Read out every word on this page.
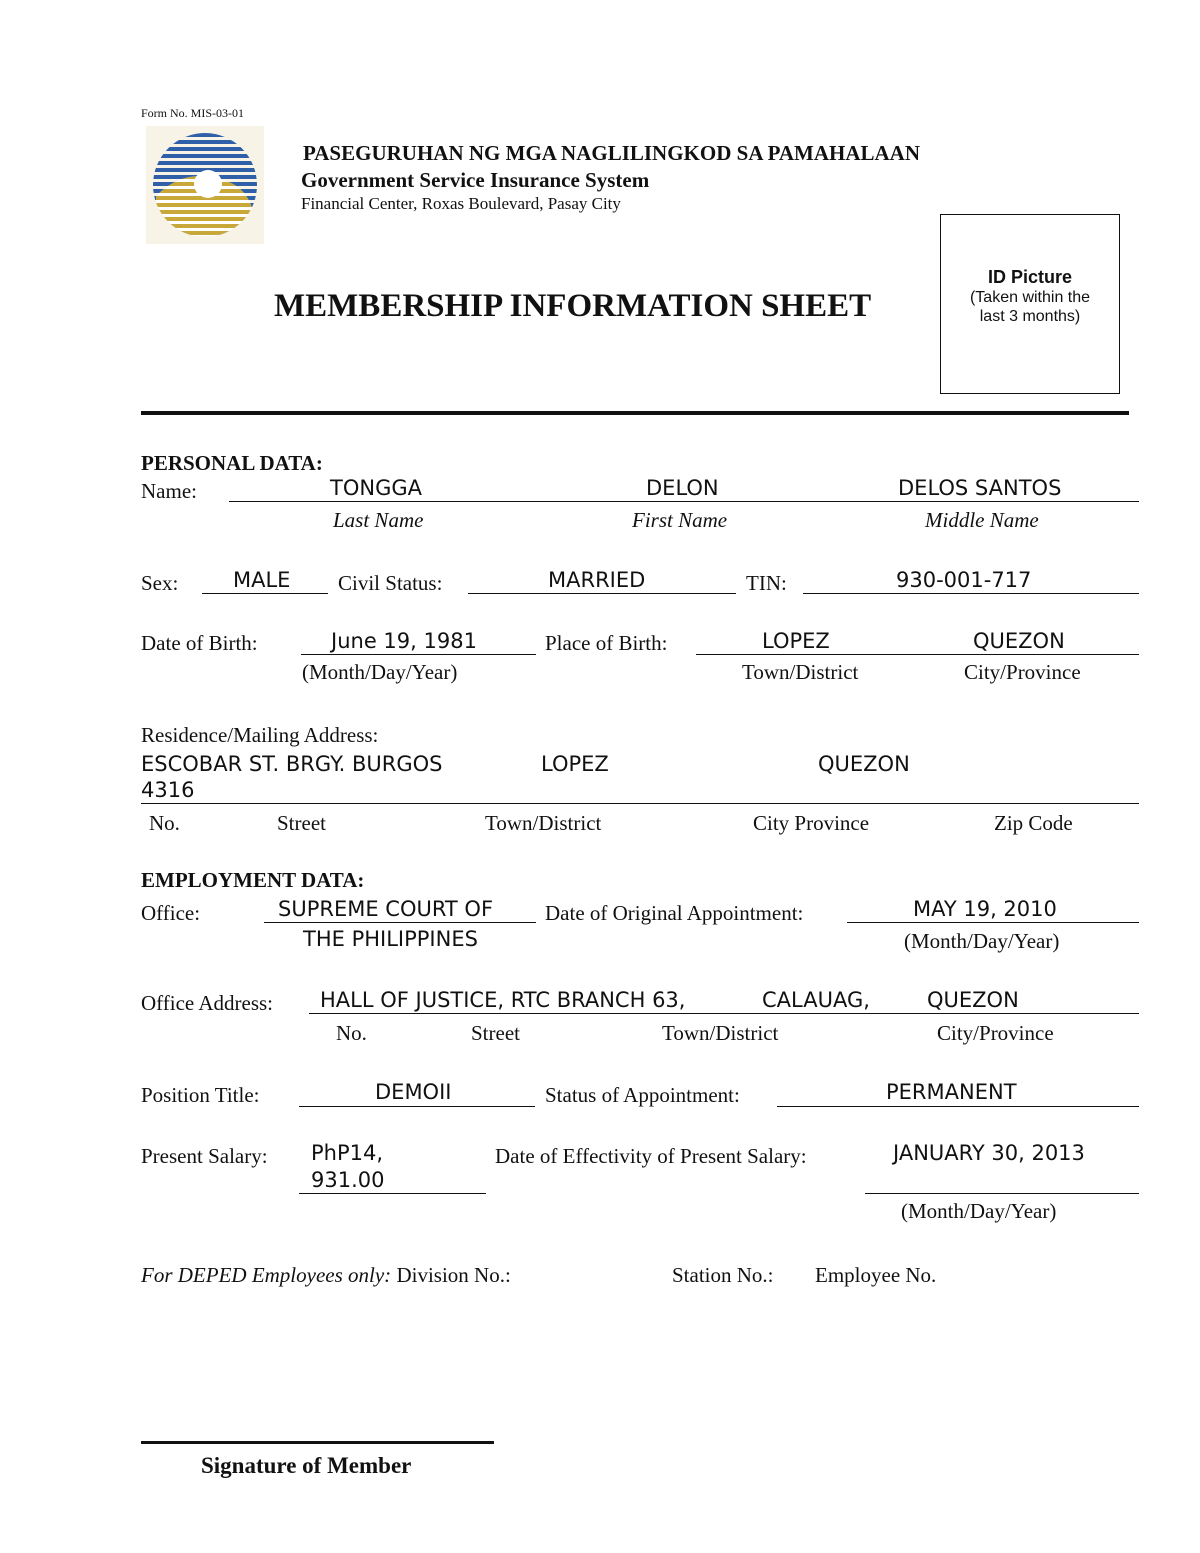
Form No. MIS-03-01
PASEGURUHAN NG MGA NAGLILINGKOD SA PAMAHALAAN
Government Service Insurance System
Financial Center, Roxas Boulevard, Pasay City
MEMBERSHIP INFORMATION SHEET
ID Picture
(Taken within the
last 3 months)
PERSONAL DATA:
Name:	TONGGA	DELON	DELOS SANTOS
Last Name	First Name	Middle Name
Sex:	MALE Civil Status:	MARRIED	TIN:	930-001-717
Date of Birth:	June 19, 1981
(Month/Day/Year)
Place of Birth:	LOPEZ	QUEZON
Town/District	City/Province
Residence/Mailing Address:
ESCOBAR ST. BRGY. BURGOS	LOPEZ	QUEZON
4316
No.	Street	Town/District	City Province	Zip Code
EMPLOYMENT DATA:
Office:	SUPREME COURT OF
THE PHILIPPINES
Date of Original Appointment:	MAY 19, 2010
(Month/Day/Year)
Office Address: HALL OF JUSTICE, RTC BRANCH 63,	CALAUAG,	QUEZON
No.	Street	Town/District	City/Province
Position Title:	DEMOII	Status of Appointment:	PERMANENT
Present Salary: PhP14,
931.00
Date of Effectivity of Present Salary:	JANUARY 30, 2013
(Month/Day/Year)
For DEPED Employees only: Division No.:	Station No.: Employee No.
Signature of Member
